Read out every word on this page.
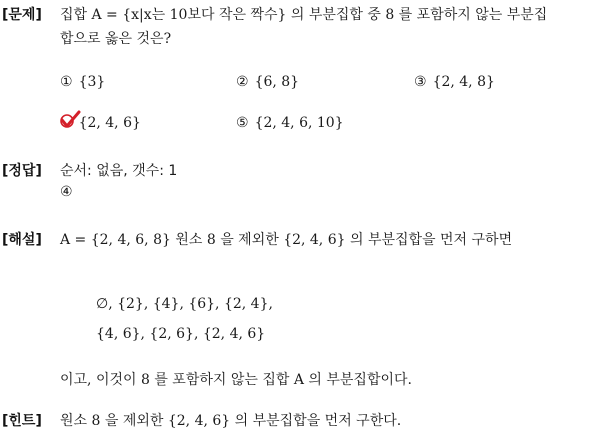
[문제] 집합 A = {x|x는 10보다 작은 짝수} 의 부분집합 중 8 를 포함하지 않는 부분집
합으로 옳은 것은?
① {3}	② {6, 8}	③ {2, 4, 8}
{2, 4, 6}	⑤ {2, 4, 6, 10}
[정답] 순서: 없음, 갯수: 1
④
[해설] A = {2, 4, 6, 8} 원소 8 을 제외한 {2, 4, 6} 의 부분집합을 먼저 구하면
∅, {2}, {4}, {6}, {2, 4},
{4, 6}, {2, 6}, {2, 4, 6}
이고, 이것이 8 를 포함하지 않는 집합 A 의 부분집합이다.
[힌트] 원소 8 을 제외한 {2, 4, 6} 의 부분집합을 먼저 구한다.
